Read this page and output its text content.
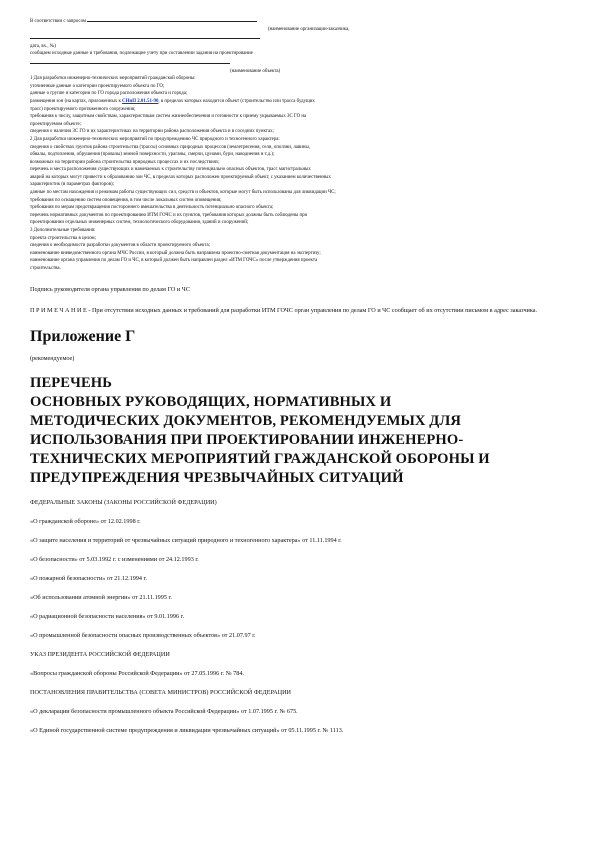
В соответствии с запросом
(наименование организации-заказчика,
дата, вх., №)
сообщаем исходные данные и требования, подлежащие учету при составлении задания на проектирование
(наименование объекта)
1 Для разработки инженерно-технических мероприятий гражданской обороны:
уточненные данные о категории проектируемого объекта по ГО;
данные о группе и категории по ГО города расположения объекта и города;
размещения зон (на картах, приложенных к СНиП 2.01.51-90, в пределах которых находится объект (строительство или трасса будущих
трасс) проектируемого протяженного сооружения;
требования к числу, защитным свойствам, характеристикам систем жизнеобеспечения и готовности к приему укрываемых ЗС ГО на
проектируемом объекте;
сведения о наличии ЗС ГО и их характеристиках на территории района расположения объекта и в соседних пунктах;
2 Для разработки инженерно-технических мероприятий по предупреждению ЧС природного и техногенного характера:
сведения о свойствах грунтов района строительства (трассы) основных природных процессов (землетрясения, сели, оползни, лавины,
обвалы, подтопления, обрушения (провалы) земной поверхности, ураганы, смерчи, цунами, бури, наводнения и т.д.);
возможных на территории района строительства природных процессах и их последствиях;
перечень и места расположения существующих и намечаемых к строительству потенциально опасных объектов, трасс магистральных
аварий на которых могут привести к образованию зон ЧС, в пределах которых расположен проектируемый объект, с указанием количественных
характеристик (в параметрах факторов);
данные по местам нахождения и режимам работы существующих сил, средств и объектов, которые могут быть использованы для ликвидации ЧС;
требования по оснащению систем оповещения, в том числе локальных систем оповещения;
требования по мерам предотвращения постороннего вмешательства в деятельность потенциально опасного объекта;
перечень нормативных документов по проектированию ИТМ ГОЧС и их пунктов, требования которых должны быть соблюдены при
проектировании отдельных инженерных систем, технологического оборудования, зданий и сооружений;
3 Дополнительные требования:
проекта строительства в целом;
сведения о необходимости разработки документов в области проектируемого объекта;
наименование вневедомственного органа МЧС России, в который должна быть направлена проектно-сметная документация на экспертизу;
наименование органа управления по делам ГО и ЧС, в который должен быть направлен раздел «ИТМ ГОЧС» после утверждения проекта
строительства.
Подпись руководителя органа управления по делам ГО и ЧС
П Р И М Е Ч А Н И Е - При отсутствии исходных данных и требований для разработки ИТМ ГОЧС орган управления по делам ГО и ЧС сообщает об их отсутствии письмом в адрес заказчика.
Приложение Г
(рекомендуемое)
ПЕРЕЧЕНЬ
ОСНОВНЫХ РУКОВОДЯЩИХ, НОРМАТИВНЫХ И
МЕТОДИЧЕСКИХ ДОКУМЕНТОВ, РЕКОМЕНДУЕМЫХ ДЛЯ
ИСПОЛЬЗОВАНИЯ ПРИ ПРОЕКТИРОВАНИИ ИНЖЕНЕРНО-
ТЕХНИЧЕСКИХ МЕРОПРИЯТИЙ ГРАЖДАНСКОЙ ОБОРОНЫ И
ПРЕДУПРЕЖДЕНИЯ ЧРЕЗВЫЧАЙНЫХ СИТУАЦИЙ
ФЕДЕРАЛЬНЫЕ ЗАКОНЫ (ЗАКОНЫ РОССИЙСКОЙ ФЕДЕРАЦИИ)
«О гражданской обороне» от 12.02.1998 г.
«О защите населения и территорий от чрезвычайных ситуаций природного и техногенного характера» от 11.11.1994 г.
«О безопасности» от 5.03.1992 г. с изменениями от 24.12.1993 г.
«О пожарной безопасности» от 21.12.1994 г.
«Об использовании атомной энергии» от 21.11.1995 г.
«О радиационной безопасности населения» от 9.01.1996 г.
«О промышленной безопасности опасных производственных объектов» от 21.07.97 г.
УКАЗ ПРЕЗИДЕНТА РОССИЙСКОЙ ФЕДЕРАЦИИ
«Вопросы гражданской обороны Российской Федерации» от 27.05.1996 г. № 784.
ПОСТАНОВЛЕНИЯ ПРАВИТЕЛЬСТВА (СОВЕТА МИНИСТРОВ) РОССИЙСКОЙ ФЕДЕРАЦИИ
«О декларации безопасности промышленного объекта Российской Федерации» от 1.07.1995 г. № 675.
«О Единой государственной системе предупреждения и ликвидации чрезвычайных ситуаций» от 05.11.1995 г. № 1113.
